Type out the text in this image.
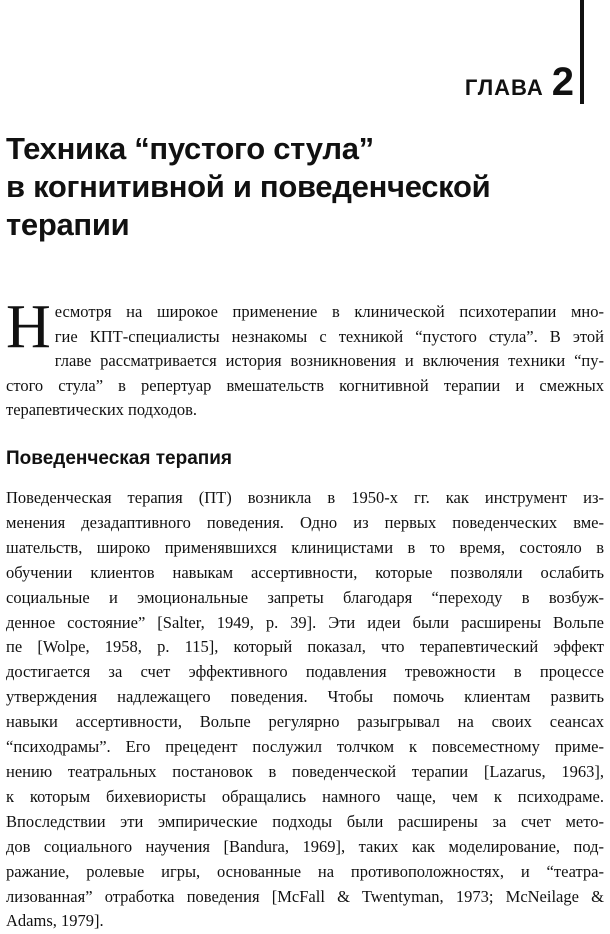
ГЛАВА 2
Техника “пустого стула”
в когнитивной и поведенческой
терапии
Н есмотря на широкое применение в клинической психотерапии мно-
гие КПТ-специалисты незнакомы с техникой “пустого стула”. В этой
главе рассматривается история возникновения и включения техники “пу-
стого стула” в репертуар вмешательств когнитивной терапии и смежных
терапевтических подходов.
Поведенческая терапия
Поведенческая терапия (ПТ) возникла в 1950-х гг. как инструмент из-
менения дезадаптивного поведения. Одно из первых поведенческих вме-
шательств, широко применявшихся клиницистами в то время, состояло в
обучении клиентов навыкам ассертивности, которые позволяли ослабить
социальные и эмоциональные запреты благодаря “переходу в возбуж-
денное состояние” [Salter, 1949, p. 39]. Эти идеи были расширены Вольпе
пе [Wolpe, 1958, p. 115], который показал, что терапевтический эффект
достигается за счет эффективного подавления тревожности в процессе
утверждения надлежащего поведения. Чтобы помочь клиентам развить
навыки ассертивности, Вольпе регулярно разыгрывал на своих сеансах
“психодрамы”. Его прецедент послужил толчком к повсеместному приме-
нению театральных постановок в поведенческой терапии [Lazarus, 1963],
к которым бихевиористы обращались намного чаще, чем к психодраме.
Впоследствии эти эмпирические подходы были расширены за счет мето-
дов социального научения [Bandura, 1969], таких как моделирование, под-
ражание, ролевые игры, основанные на противоположностях, и “театра-
лизованная” отработка поведения [McFall & Twentyman, 1973; McNeilage &
Adams, 1979].
